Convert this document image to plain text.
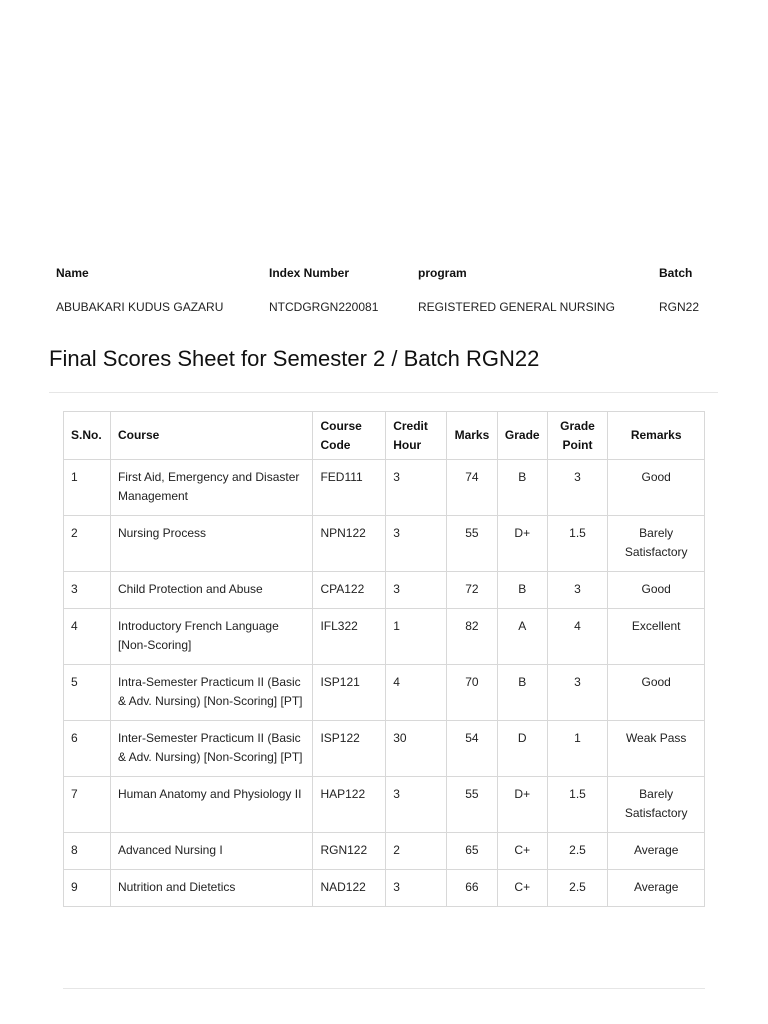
Name	Index Number	program	Batch
ABUBAKARI KUDUS GAZARU	NTCDGRGN220081	REGISTERED GENERAL NURSING	RGN22
Final Scores Sheet for Semester 2 / Batch RGN22
S.No.	Course	Course Code	Credit Hour	Marks	Grade	Grade Point	Remarks
1	First Aid, Emergency and Disaster Management	FED111	3	74	B	3	Good
2	Nursing Process	NPN122	3	55	D+	1.5	Barely Satisfactory
3	Child Protection and Abuse	CPA122	3	72	B	3	Good
4	Introductory French Language [Non-Scoring]	IFL322	1	82	A	4	Excellent
5	Intra-Semester Practicum II (Basic & Adv. Nursing) [Non-Scoring] [PT]	ISP121	4	70	B	3	Good
6	Inter-Semester Practicum II (Basic & Adv. Nursing) [Non-Scoring] [PT]	ISP122	30	54	D	1	Weak Pass
7	Human Anatomy and Physiology II	HAP122	3	55	D+	1.5	Barely Satisfactory
8	Advanced Nursing I	RGN122	2	65	C+	2.5	Average
9	Nutrition and Dietetics	NAD122	3	66	C+	2.5	Average
